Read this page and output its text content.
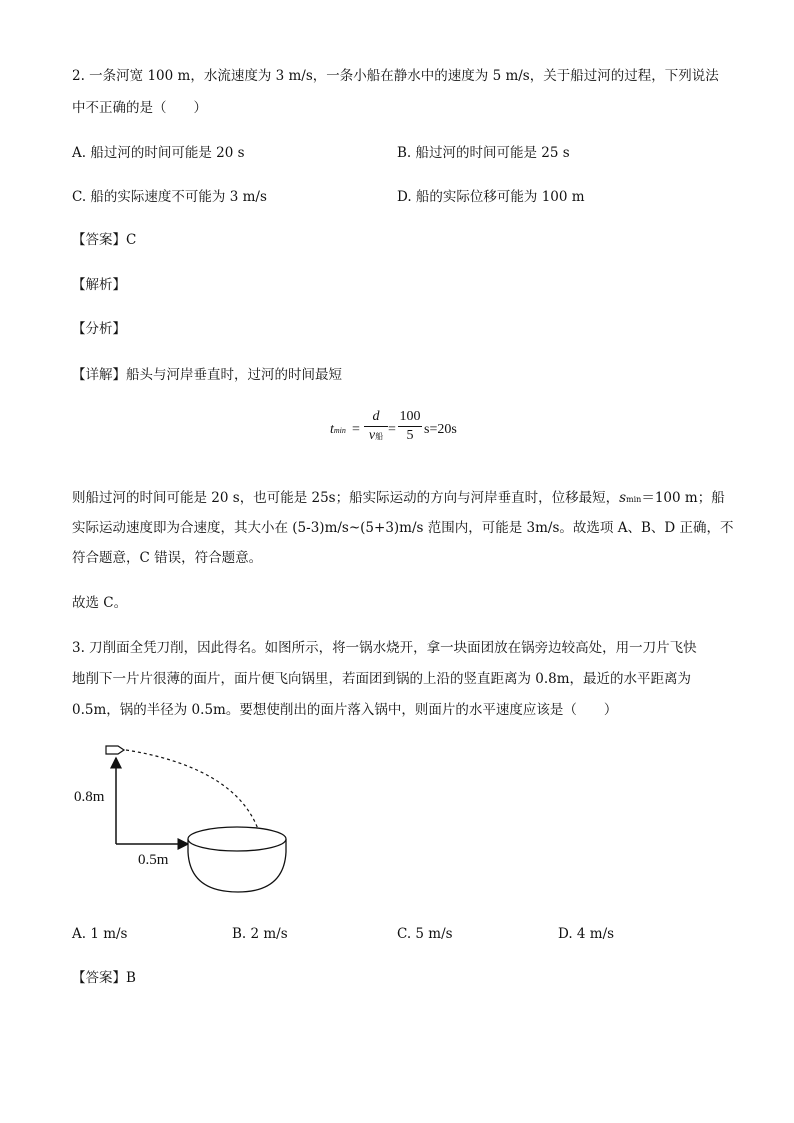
2. 一条河宽 100 m，水流速度为 3 m/s，一条小船在静水中的速度为 5 m/s，关于船过河的过程，下列说法
中不正确的是（　　）
A. 船过河的时间可能是 20 s	B. 船过河的时间可能是 25 s
C. 船的实际速度不可能为 3 m/s	D. 船的实际位移可能为 100 m
【答案】C
【解析】
【分析】
【详解】船头与河岸垂直时，过河的时间最短
tmin =
d
v船 =
100
5 s=20s
则船过河的时间可能是 20 s，也可能是 25s；船实际运动的方向与河岸垂直时，位移最短，smin＝100 m；船
实际运动速度即为合速度，其大小在 (5-3)m/s~(5+3)m/s 范围内，可能是 3m/s。故选项 A、B、D 正确，不
符合题意，C 错误，符合题意。
故选 C。
3. 刀削面全凭刀削，因此得名。如图所示，将一锅水烧开，拿一块面团放在锅旁边较高处，用一刀片飞快
地削下一片片很薄的面片，面片便飞向锅里，若面团到锅的上沿的竖直距离为 0.8m，最近的水平距离为
0.5m，锅的半径为 0.5m。要想使削出的面片落入锅中，则面片的水平速度应该是（　　）
0.8m
0.5m
A. 1 m/s	B. 2 m/s	C. 5 m/s	D. 4 m/s
【答案】B
